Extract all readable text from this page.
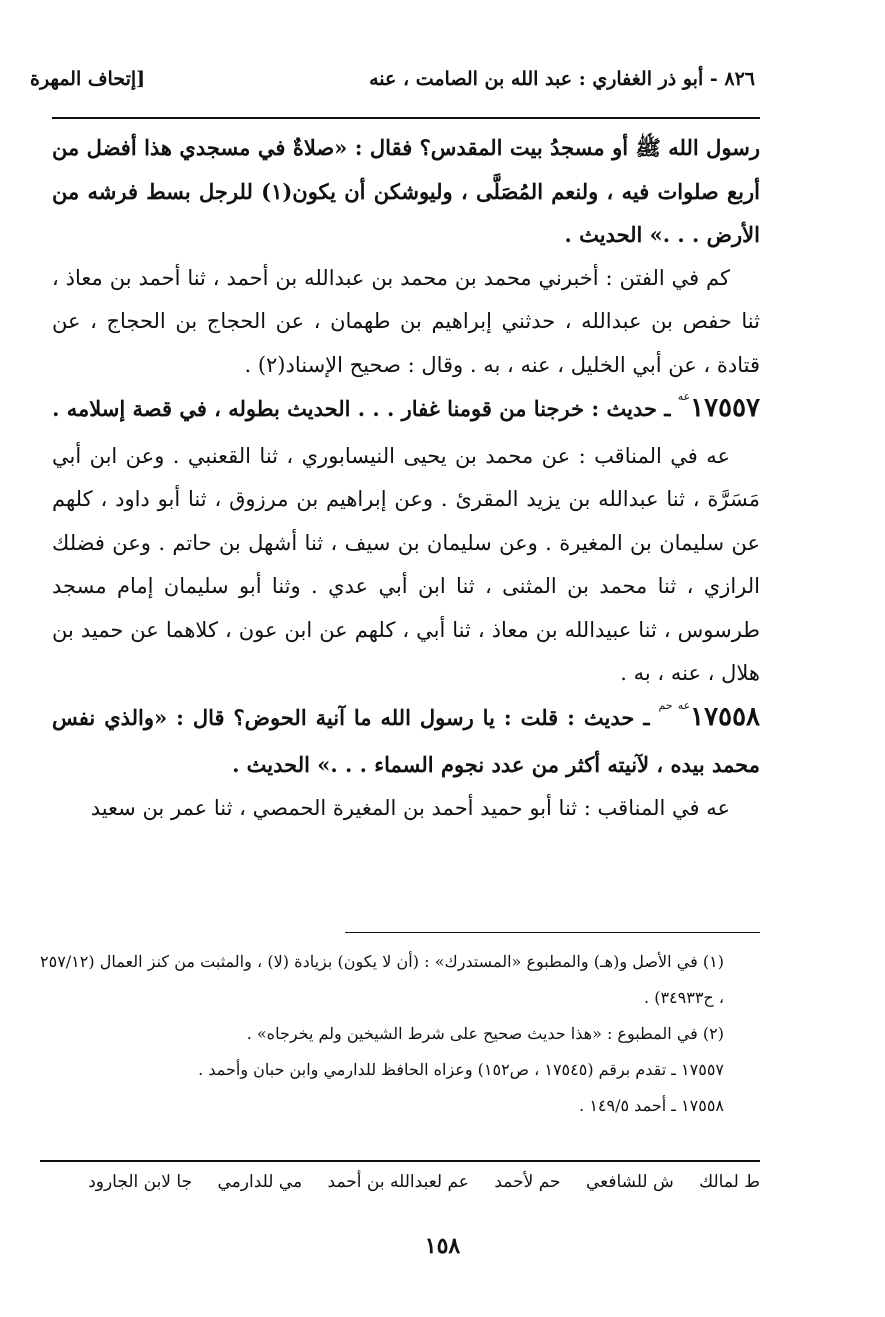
٨٢٦ - أبو ذر الغفاري : عبد الله بن الصامت ، عنه
[إتحاف المهرة

رسول الله ﷺ أو مسجدُ بيت المقدس؟ فقال : «صلاةٌ في مسجدي هذا أفضل من أربع صلوات فيه ، ولنعم المُصَلَّى ، وليوشكن أن يكون(١) للرجل بسط فرشه من الأرض . . .» الحديث .

كم في الفتن : أخبرني محمد بن محمد بن عبدالله بن أحمد ، ثنا أحمد بن معاذ ، ثنا حفص بن عبدالله ، حدثني إبراهيم بن طهمان ، عن الحجاج بن الحجاج ، عن قتادة ، عن أبي الخليل ، عنه ، به . وقال : صحيح الإسناد(٢) .

$١٧٥٥٧^{عه}$ ـ حديث : خرجنا من قومنا غفار . . . الحديث بطوله ، في قصة إسلامه .

عه في المناقب : عن محمد بن يحيى النيسابوري ، ثنا القعنبي . وعن ابن أبي مَسَرَّة ، ثنا عبدالله بن يزيد المقرئ . وعن إبراهيم بن مرزوق ، ثنا أبو داود ، كلهم عن سليمان بن المغيرة . وعن سليمان بن سيف ، ثنا أشهل بن حاتم . وعن فضلك الرازي ، ثنا محمد بن المثنى ، ثنا ابن أبي عدي . وثنا أبو سليمان إمام مسجد طرسوس ، ثنا عبيدالله بن معاذ ، ثنا أبي ، كلهم عن ابن عون ، كلاهما عن حميد بن هلال ، عنه ، به .

$١٧٥٥٨^{عه حم}$ ـ حديث : قلت : يا رسول الله ما آنية الحوض؟ قال : «والذي نفس محمد بيده ، لآنيته أكثر من عدد نجوم السماء . . .» الحديث .

عه في المناقب : ثنا أبو حميد أحمد بن المغيرة الحمصي ، ثنا عمر بن سعيد

(١) في الأصل و(هـ) والمطبوع «المستدرك» : (أن لا يكون) بزيادة (لا) ، والمثبت من كنز العمال (٢٥٧/١٢ ، ح٣٤٩٣٣) .

(٢) في المطبوع : «هذا حديث صحيح على شرط الشيخين ولم يخرجاه» .

١٧٥٥٧ ـ تقدم برقم (١٧٥٤٥ ، ص١٥٢) وعزاه الحافظ للدارمي وابن حبان وأحمد .

١٧٥٥٨ ـ أحمد ١٤٩/٥ .

ط لمالك ش للشافعي حم لأحمد عم لعبدالله بن أحمد مي للدارمي جا لابن الجارود
١٥٨
